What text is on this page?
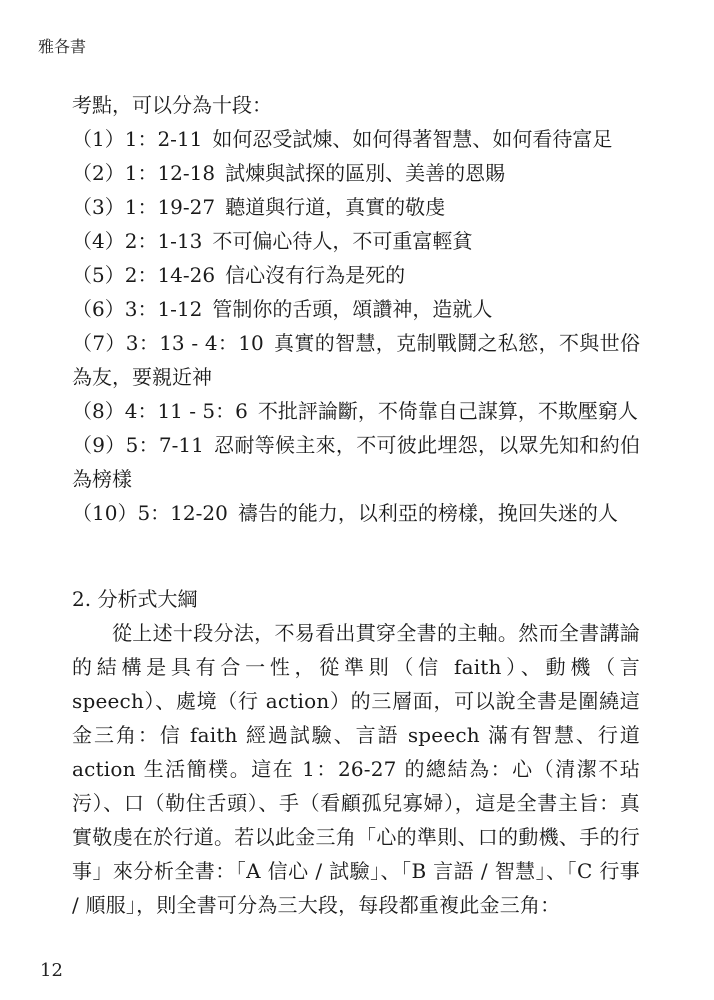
雅各書
考點，可以分為十段：
（1）1：2-11 如何忍受試煉、如何得著智慧、如何看待富足
（2）1：12-18 試煉與試探的區別、美善的恩賜
（3）1：19-27 聽道與行道，真實的敬虔
（4）2：1-13 不可偏心待人，不可重富輕貧
（5）2：14-26 信心沒有行為是死的
（6）3：1-12 管制你的舌頭，頌讚神，造就人
（7）3：13 - 4：10 真實的智慧，克制戰鬪之私慾，不與世俗為友，要親近神
（8）4：11 - 5：6 不批評論斷，不倚靠自己謀算，不欺壓窮人
（9）5：7-11 忍耐等候主來，不可彼此埋怨，以眾先知和約伯為榜樣
（10）5：12-20 禱告的能力，以利亞的榜樣，挽回失迷的人
2. 分析式大綱

從上述十段分法，不易看出貫穿全書的主軸。然而全書講論的結構是具有合一性，從準則（信 faith）、動機（言 speech）、處境（行 action）的三層面，可以說全書是圍繞這金三角：信 faith 經過試驗、言語 speech 滿有智慧、行道 action 生活簡樸。這在 1：26-27 的總結為：心（清潔不玷污）、口（勒住舌頭）、手（看顧孤兒寡婦），這是全書主旨：真實敬虔在於行道。若以此金三角「心的準則、口的動機、手的行事」來分析全書：「A 信心 / 試驗」、「B 言語 / 智慧」、「C 行事 / 順服」，則全書可分為三大段，每段都重複此金三角：

12
